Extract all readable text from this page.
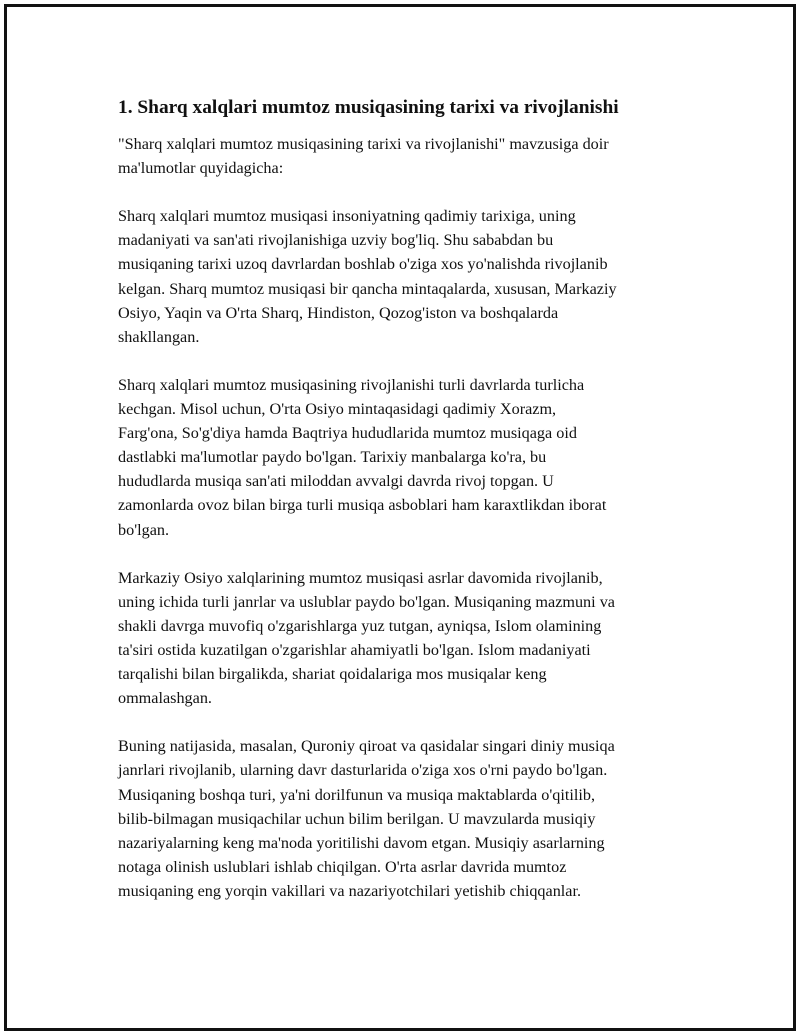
1. Sharq xalqlari mumtoz musiqasining tarixi va rivojlanishi

"Sharq xalqlari mumtoz musiqasining tarixi va rivojlanishi" mavzusiga doir
ma'lumotlar quyidagicha:

Sharq xalqlari mumtoz musiqasi insoniyatning qadimiy tarixiga, uning
madaniyati va san'ati rivojlanishiga uzviy bog'liq. Shu sababdan bu
musiqaning tarixi uzoq davrlardan boshlab o'ziga xos yo'nalishda rivojlanib
kelgan. Sharq mumtoz musiqasi bir qancha mintaqalarda, xususan, Markaziy
Osiyo, Yaqin va O'rta Sharq, Hindiston, Qozog'iston va boshqalarda
shakllangan.

Sharq xalqlari mumtoz musiqasining rivojlanishi turli davrlarda turlicha
kechgan. Misol uchun, O'rta Osiyo mintaqasidagi qadimiy Xorazm,
Farg'ona, So'g'diya hamda Baqtriya hududlarida mumtoz musiqaga oid
dastlabki ma'lumotlar paydo bo'lgan. Tarixiy manbalarga ko'ra, bu
hududlarda musiqa san'ati miloddan avvalgi davrda rivoj topgan. U
zamonlarda ovoz bilan birga turli musiqa asboblari ham karaxtlikdan iborat
bo'lgan.

Markaziy Osiyo xalqlarining mumtoz musiqasi asrlar davomida rivojlanib,
uning ichida turli janrlar va uslublar paydo bo'lgan. Musiqaning mazmuni va
shakli davrga muvofiq o'zgarishlarga yuz tutgan, ayniqsa, Islom olamining
ta'siri ostida kuzatilgan o'zgarishlar ahamiyatli bo'lgan. Islom madaniyati
tarqalishi bilan birgalikda, shariat qoidalariga mos musiqalar keng
ommalashgan.

Buning natijasida, masalan, Quroniy qiroat va qasidalar singari diniy musiqa
janrlari rivojlanib, ularning davr dasturlarida o'ziga xos o'rni paydo bo'lgan.
Musiqaning boshqa turi, ya'ni dorilfunun va musiqa maktablarda o'qitilib,
bilib-bilmagan musiqachilar uchun bilim berilgan. U mavzularda musiqiy
nazariyalarning keng ma'noda yoritilishi davom etgan. Musiqiy asarlarning
notaga olinish uslublari ishlab chiqilgan. O'rta asrlar davrida mumtoz
musiqaning eng yorqin vakillari va nazariyotchilari yetishib chiqqanlar.
